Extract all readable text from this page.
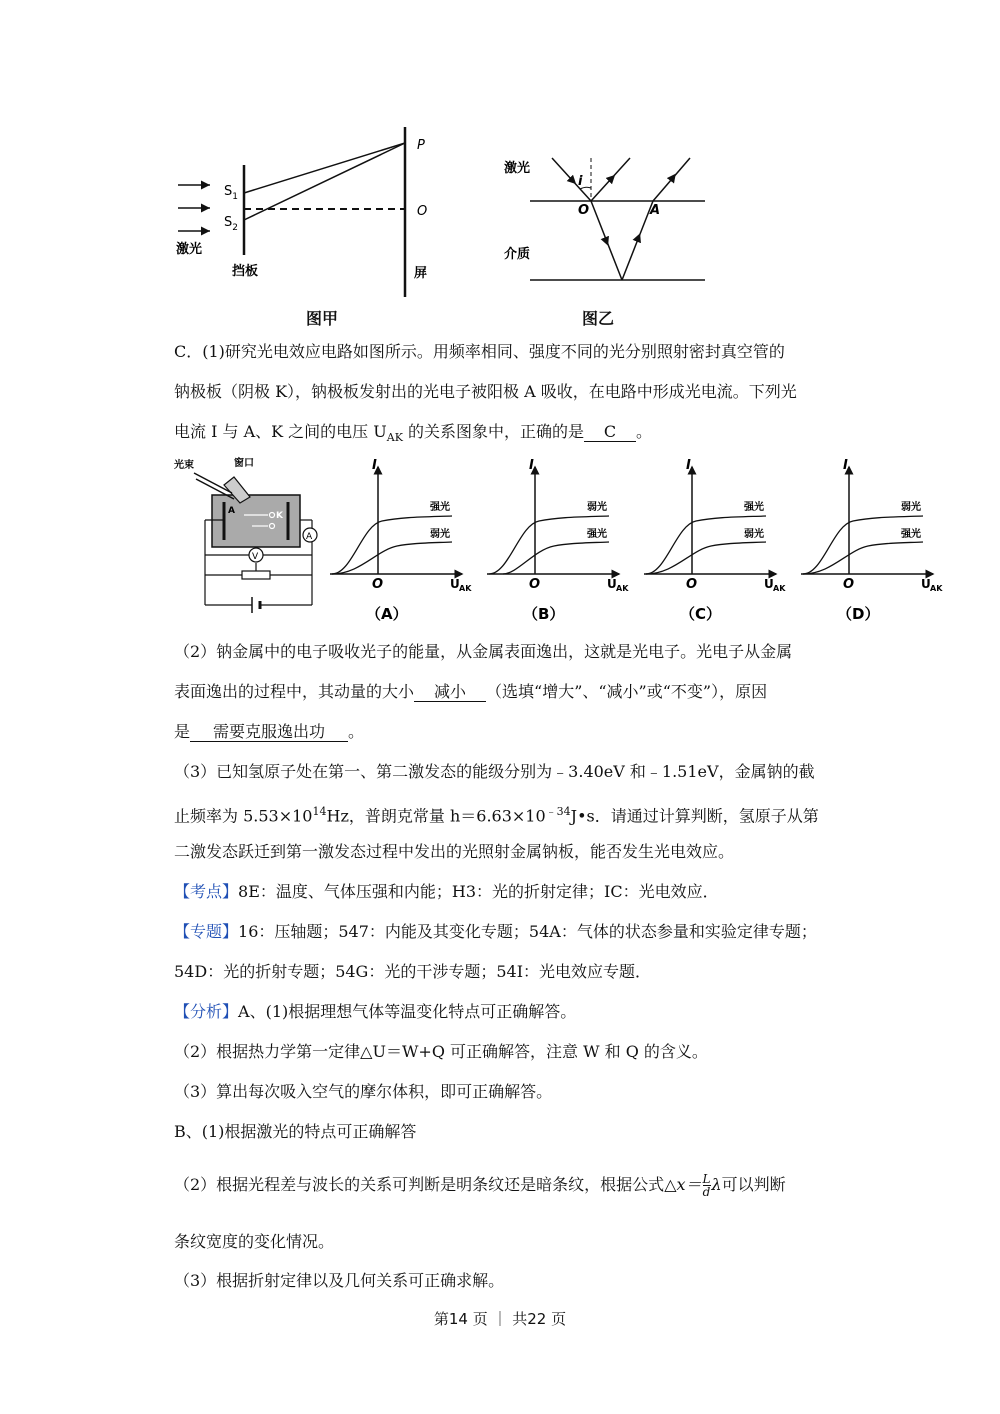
$S_1$
$S_2$
激光
挡板
P
O
屏
图甲
激光
i
O	A
介质
图乙
C．(1)研究光电效应电路如图所示。用频率相同、强度不同的光分别照射密封真空管的
钠极板（阴极 K），钠极板发射出的光电子被阳极 A 吸收，在电路中形成光电流。下列光
电流 I 与 A、K 之间的电压 $U_{AK}$ 的关系图象中，正确的是 C 。
光束	窗口
A	K
A
V
I
O	U AK
强光
弱光
（A）
I
O	U AK
弱光
强光
（B）
I
O	U AK
强光
弱光
（C）
I
O	U AK
弱光
强光
（D）
（2）钠金属中的电子吸收光子的能量，从金属表面逸出，这就是光电子。光电子从金属
表面逸出的过程中，其动量的大小 减小 （选填“增大”、“减小”或“不变”），原因
是 需要克服逸出功 。
（3）已知氢原子处在第一、第二激发态的能级分别为﹣3.40eV 和﹣1.51eV，金属钠的截
止频率为 $5.53\times 10^{14}Hz$，普朗克常量 $h=6.63\times 10^{﹣34}J•s$．请通过计算判断，氢原子从第
二激发态跃迁到第一激发态过程中发出的光照射金属钠板，能否发生光电效应。
【考点】8E：温度、气体压强和内能；H3：光的折射定律；IC：光电效应．
【专题】16：压轴题；547：内能及其变化专题；54A：气体的状态参量和实验定律专题；
54D：光的折射专题；54G：光的干涉专题；54I：光电效应专题．
【分析】A、(1)根据理想气体等温变化特点可正确解答。
（2）根据热力学第一定律△U＝W+Q 可正确解答，注意 W 和 Q 的含义。
（3）算出每次吸入空气的摩尔体积，即可正确解答。
B、(1)根据激光的特点可正确解答
（2）根据光程差与波长的关系可判断是明条纹还是暗条纹，根据公式△x＝ $\frac{L}{d}$ λ可以判断
条纹宽度的变化情况。
（3）根据折射定律以及几何关系可正确求解。
第14 页 ｜ 共22 页
